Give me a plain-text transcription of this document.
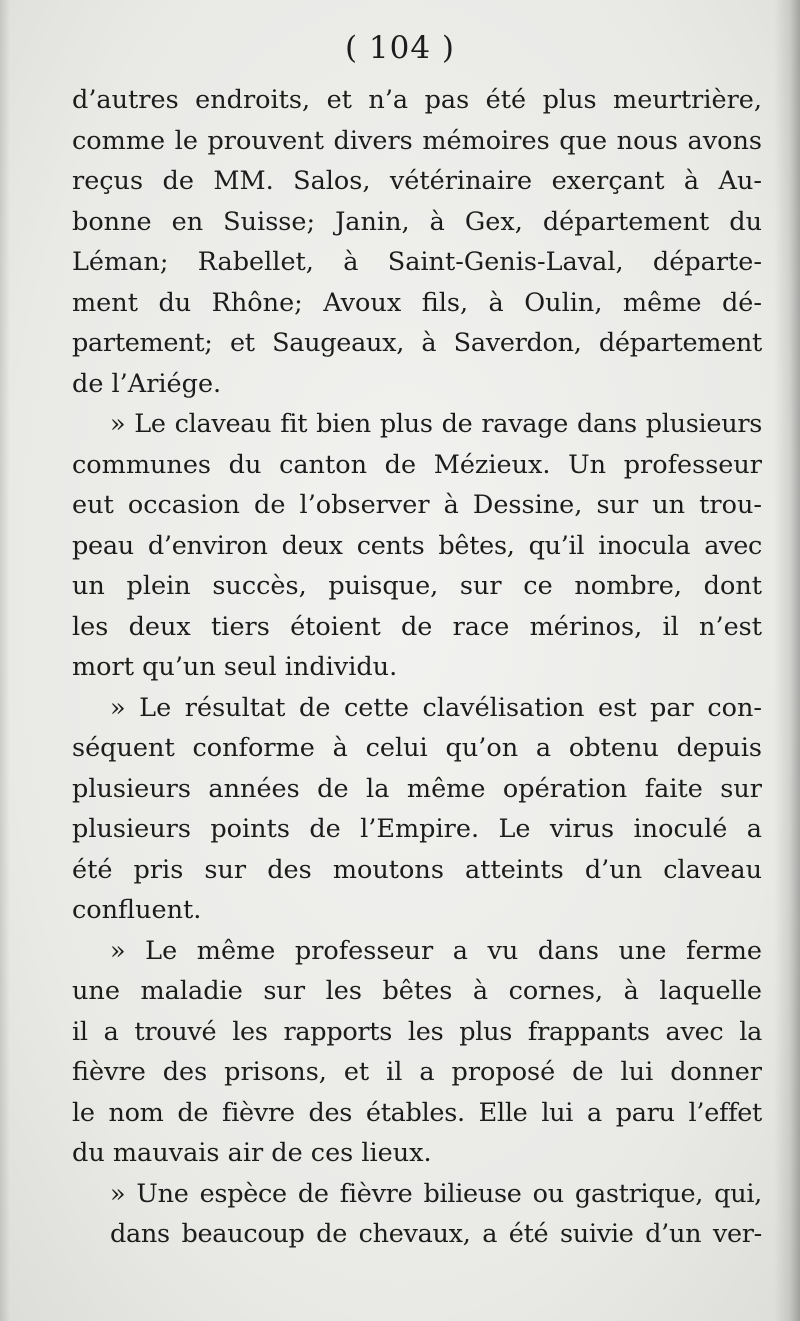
( 104 )
d’autres endroits, et n’a pas été plus meurtrière,
comme le prouvent divers mémoires que nous avons
reçus de MM. Salos, vétérinaire exerçant à Au-
bonne en Suisse; Janin, à Gex, département du
Léman; Rabellet, à Saint-Genis-Laval, départe-
ment du Rhône; Avoux fils, à Oulin, même dé-
partement; et Saugeaux, à Saverdon, département
de l’Ariége.
» Le claveau fit bien plus de ravage dans plusieurs
communes du canton de Mézieux. Un professeur
eut occasion de l’observer à Dessine, sur un trou-
peau d’environ deux cents bêtes, qu’il inocula avec
un plein succès, puisque, sur ce nombre, dont
les deux tiers étoient de race mérinos, il n’est
mort qu’un seul individu.
» Le résultat de cette clavélisation est par con-
séquent conforme à celui qu’on a obtenu depuis
plusieurs années de la même opération faite sur
plusieurs points de l’Empire. Le virus inoculé a
été pris sur des moutons atteints d’un claveau
confluent.
» Le même professeur a vu dans une ferme
une maladie sur les bêtes à cornes, à laquelle
il a trouvé les rapports les plus frappants avec la
fièvre des prisons, et il a proposé de lui donner
le nom de fièvre des étables. Elle lui a paru l’effet
du mauvais air de ces lieux.
» Une espèce de fièvre bilieuse ou gastrique, qui,
dans beaucoup de chevaux, a été suivie d’un ver-
